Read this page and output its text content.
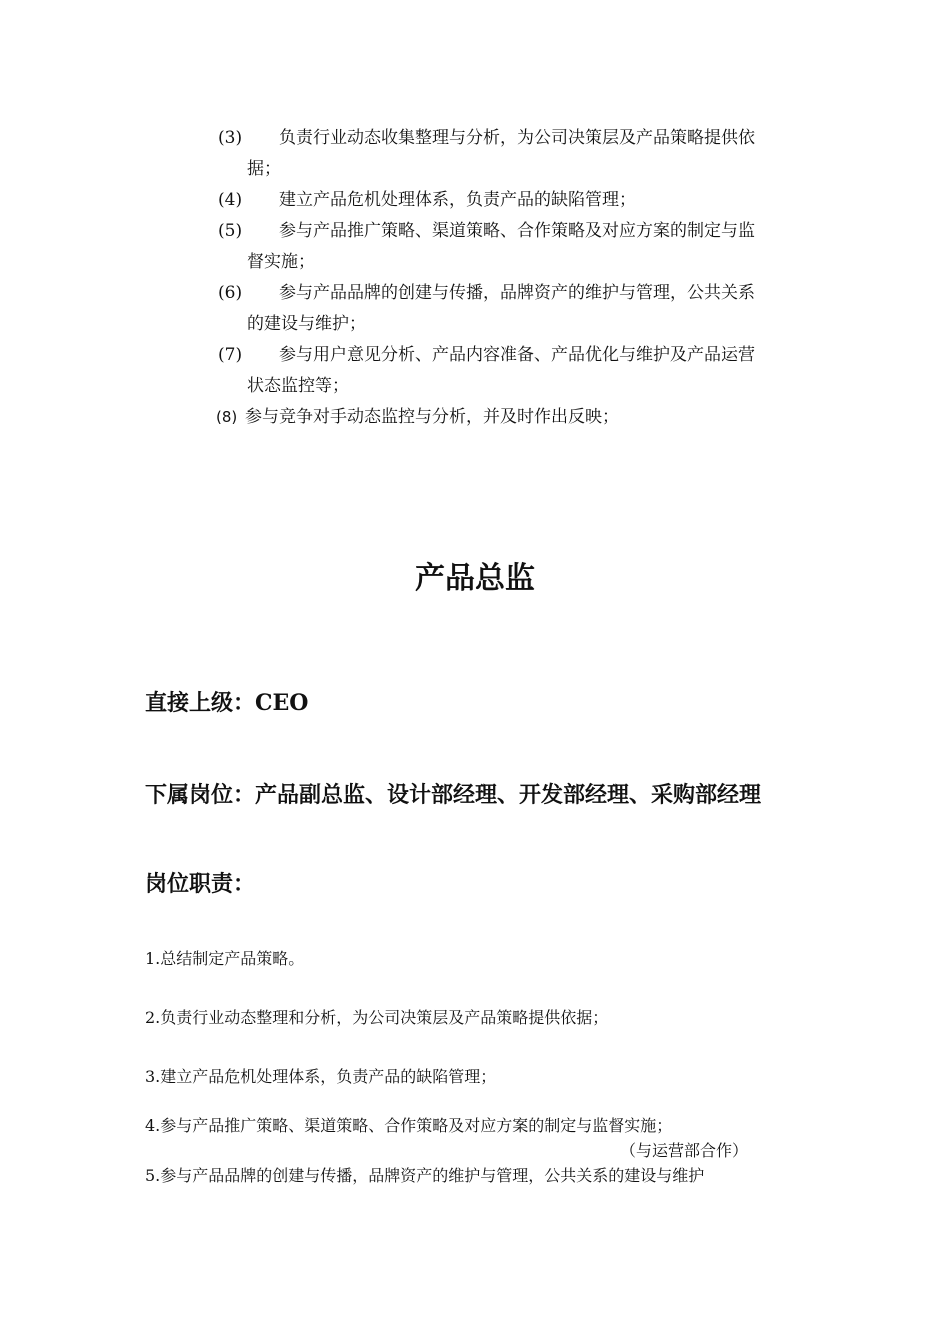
(3)	负责行业动态收集整理与分析，为公司决策层及产品策略提供依
据；
(4)	建立产品危机处理体系，负责产品的缺陷管理；
(5)	参与产品推广策略、渠道策略、合作策略及对应方案的制定与监
督实施；
(6)	参与产品品牌的创建与传播，品牌资产的维护与管理，公共关系
的建设与维护；
(7)	参与用户意见分析、产品内容准备、产品优化与维护及产品运营
状态监控等；
(8) 参与竞争对手动态监控与分析，并及时作出反映；
产品总监
直接上级：CEO
下属岗位：产品副总监、设计部经理、开发部经理、采购部经理
岗位职责：
1.总结制定产品策略。
2.负责行业动态整理和分析，为公司决策层及产品策略提供依据；
3.建立产品危机处理体系，负责产品的缺陷管理；
4.参与产品推广策略、渠道策略、合作策略及对应方案的制定与监督实施；
（与运营部合作）
5.参与产品品牌的创建与传播，品牌资产的维护与管理，公共关系的建设与维护
